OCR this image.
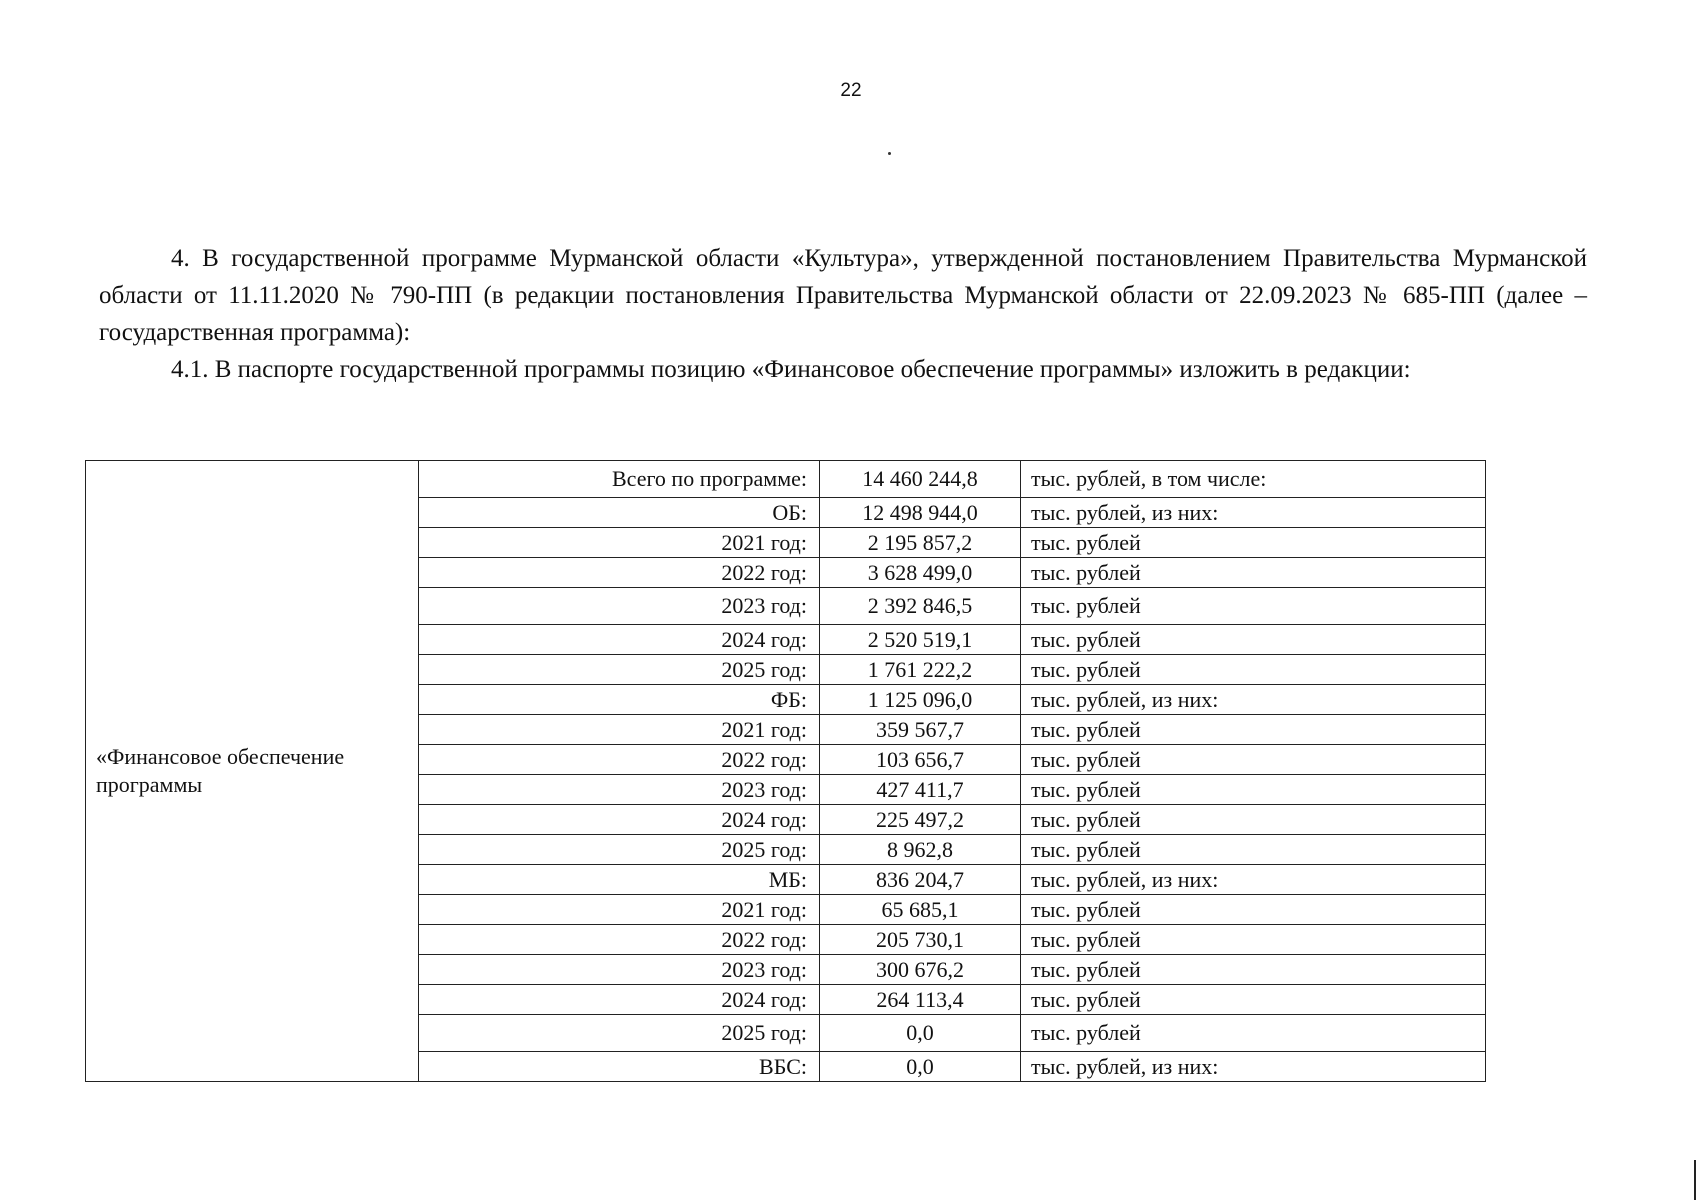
22

4. В государственной программе Мурманской области «Культура», утвержденной постановлением Правительства Мурманской области от 11.11.2020 № 790-ПП (в редакции постановления Правительства Мурманской области от 22.09.2023 № 685-ПП (далее – государственная программа):

4.1. В паспорте государственной программы позицию «Финансовое обеспечение программы» изложить в редакции:

«Финансовое обеспечение программы	Всего по программе:	14 460 244,8	тыс. рублей, в том числе:
	ОБ:	12 498 944,0	тыс. рублей, из них:
	2021 год:	2 195 857,2	тыс. рублей
	2022 год:	3 628 499,0	тыс. рублей
	2023 год:	2 392 846,5	тыс. рублей
	2024 год:	2 520 519,1	тыс. рублей
	2025 год:	1 761 222,2	тыс. рублей
	ФБ:	1 125 096,0	тыс. рублей, из них:
	2021 год:	359 567,7	тыс. рублей
	2022 год:	103 656,7	тыс. рублей
	2023 год:	427 411,7	тыс. рублей
	2024 год:	225 497,2	тыс. рублей
	2025 год:	8 962,8	тыс. рублей
	МБ:	836 204,7	тыс. рублей, из них:
	2021 год:	65 685,1	тыс. рублей
	2022 год:	205 730,1	тыс. рублей
	2023 год:	300 676,2	тыс. рублей
	2024 год:	264 113,4	тыс. рублей
	2025 год:	0,0	тыс. рублей
	ВБС:	0,0	тыс. рублей, из них:
